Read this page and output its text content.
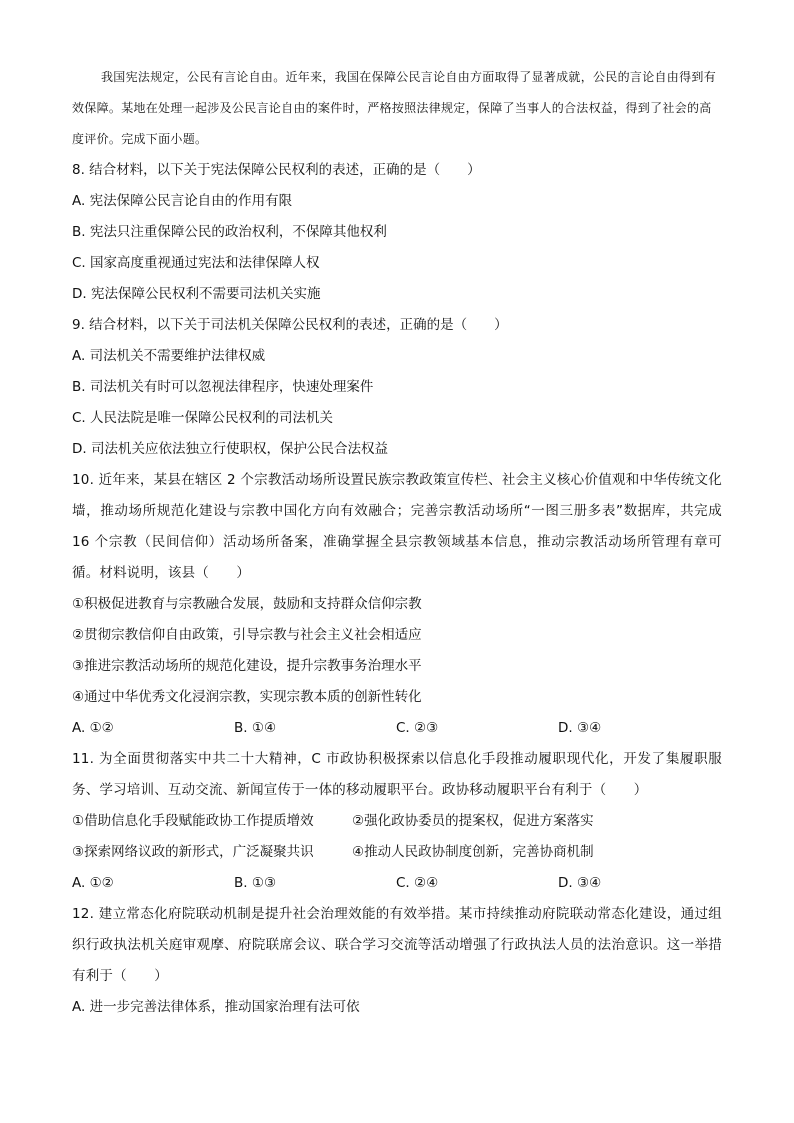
我国宪法规定，公民有言论自由。近年来，我国在保障公民言论自由方面取得了显著成就，公民的言论自由得到有效保障。某地在处理一起涉及公民言论自由的案件时，严格按照法律规定，保障了当事人的合法权益，得到了社会的高度评价。完成下面小题。

8. 结合材料，以下关于宪法保障公民权利的表述，正确的是（　　）

A. 宪法保障公民言论自由的作用有限

B. 宪法只注重保障公民的政治权利，不保障其他权利

C. 国家高度重视通过宪法和法律保障人权

D. 宪法保障公民权利不需要司法机关实施

9. 结合材料，以下关于司法机关保障公民权利的表述，正确的是（　　）

A. 司法机关不需要维护法律权威

B. 司法机关有时可以忽视法律程序，快速处理案件

C. 人民法院是唯一保障公民权利的司法机关

D. 司法机关应依法独立行使职权，保护公民合法权益

10. 近年来，某县在辖区 2 个宗教活动场所设置民族宗教政策宣传栏、社会主义核心价值观和中华传统文化墙，推动场所规范化建设与宗教中国化方向有效融合；完善宗教活动场所“一图三册多表”数据库，共完成 16 个宗教（民间信仰）活动场所备案，准确掌握全县宗教领域基本信息，推动宗教活动场所管理有章可循。材料说明，该县（　　）

①积极促进教育与宗教融合发展，鼓励和支持群众信仰宗教

②贯彻宗教信仰自由政策，引导宗教与社会主义社会相适应

③推进宗教活动场所的规范化建设，提升宗教事务治理水平

④通过中华优秀文化浸润宗教，实现宗教本质的创新性转化

A. ①②	B. ①④	C. ②③	D. ③④

11. 为全面贯彻落实中共二十大精神，C 市政协积极探索以信息化手段推动履职现代化，开发了集履职服务、学习培训、互动交流、新闻宣传于一体的移动履职平台。政协移动履职平台有利于（　　）

①借助信息化手段赋能政协工作提质增效	②强化政协委员的提案权，促进方案落实
③探索网络议政的新形式，广泛凝聚共识	④推动人民政协制度创新，完善协商机制
A. ①②	B. ①③	C. ②④	D. ③④

12. 建立常态化府院联动机制是提升社会治理效能的有效举措。某市持续推动府院联动常态化建设，通过组织行政执法机关庭审观摩、府院联席会议、联合学习交流等活动增强了行政执法人员的法治意识。这一举措有利于（　　）

A. 进一步完善法律体系，推动国家治理有法可依
